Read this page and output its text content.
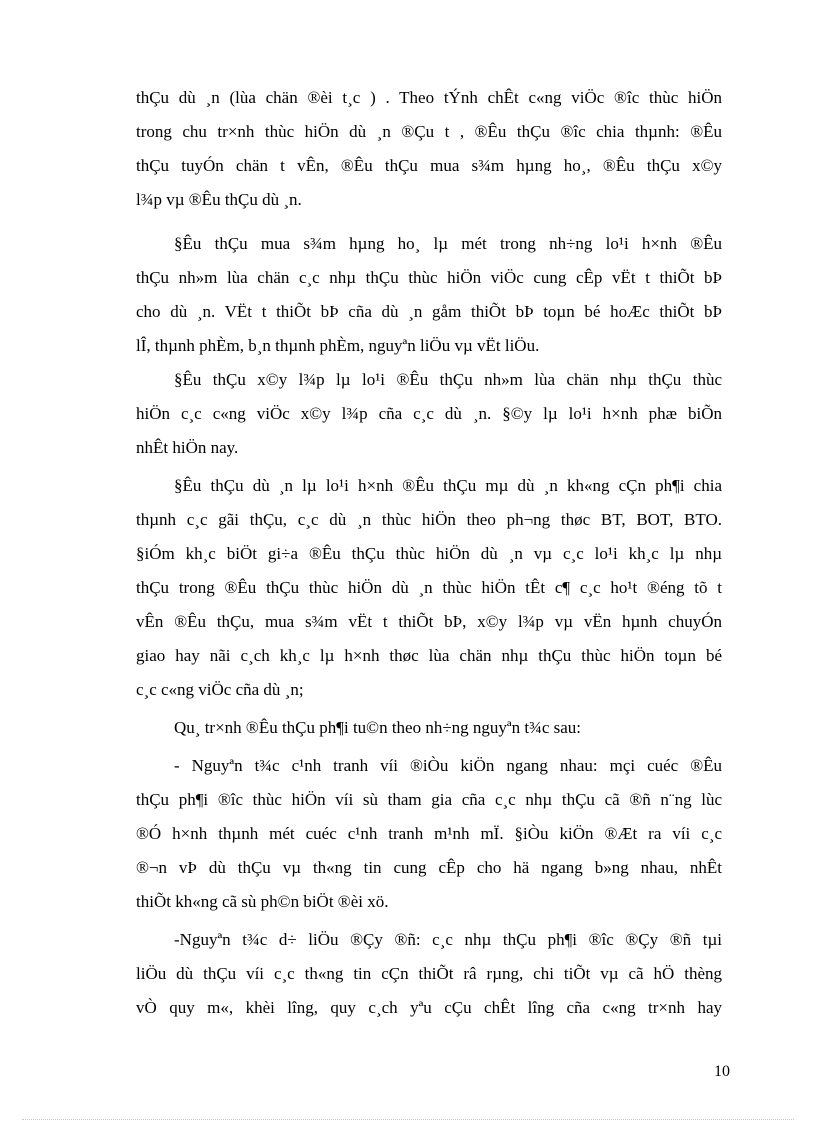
thÇu dù ¸n (lùa chän ®èi t¸c ) . Theo tÝnh chÊt c«ng viÖc ®îc thùc hiÖn
trong chu tr×nh thùc hiÖn dù ¸n ®Çu t , ®Êu thÇu ®îc chia thµnh: ®Êu
thÇu tuyÓn chän t vÊn, ®Êu thÇu mua s¾m hµng ho¸, ®Êu thÇu x©y
l¾p vµ ®Êu thÇu dù ¸n.
§Êu thÇu mua s¾m hµng ho¸ lµ mét trong nh÷ng lo¹i h×nh ®Êu
thÇu nh»m lùa chän c¸c nhµ thÇu thùc hiÖn viÖc cung cÊp vËt t thiÕt bÞ
cho dù ¸n. VËt t thiÕt bÞ cña dù ¸n gåm thiÕt bÞ toµn bé hoÆc thiÕt bÞ
lÎ, thµnh phÈm, b¸n thµnh phÈm, nguyªn liÖu vµ vËt liÖu.
§Êu thÇu x©y l¾p lµ lo¹i ®Êu thÇu nh»m lùa chän nhµ thÇu thùc
hiÖn c¸c c«ng viÖc x©y l¾p cña c¸c dù ¸n. §©y lµ lo¹i h×nh phæ biÕn
nhÊt hiÖn nay.
§Êu thÇu dù ¸n lµ lo¹i h×nh ®Êu thÇu mµ dù ¸n kh«ng cÇn ph¶i chia
thµnh c¸c gãi thÇu, c¸c dù ¸n thùc hiÖn theo ph¬ng thøc BT, BOT, BTO.
§iÓm kh¸c biÖt gi÷a ®Êu thÇu thùc hiÖn dù ¸n vµ c¸c lo¹i kh¸c lµ nhµ
thÇu trong ®Êu thÇu thùc hiÖn dù ¸n thùc hiÖn tÊt c¶ c¸c ho¹t ®éng tõ t
vÊn ®Êu thÇu, mua s¾m vËt t thiÕt bÞ, x©y l¾p vµ vËn hµnh chuyÓn
giao hay nãi c¸ch kh¸c lµ h×nh thøc lùa chän nhµ thÇu thùc hiÖn toµn bé
c¸c c«ng viÖc cña dù ¸n;
Qu¸ tr×nh ®Êu thÇu ph¶i tu©n theo nh÷ng nguyªn t¾c sau:
- Nguyªn t¾c c¹nh tranh víi ®iÒu kiÖn ngang nhau: mçi cuéc ®Êu
thÇu ph¶i ®îc thùc hiÖn víi sù tham gia cña c¸c nhµ thÇu cã ®ñ n¨ng lùc
®Ó h×nh thµnh mét cuéc c¹nh tranh m¹nh mÏ. §iÒu kiÖn ®Æt ra víi c¸c
®¬n vÞ dù thÇu vµ th«ng tin cung cÊp cho hä ngang b»ng nhau, nhÊt
thiÕt kh«ng cã sù ph©n biÖt ®èi xö.
-Nguyªn t¾c d÷ liÖu ®Çy ®ñ: c¸c nhµ thÇu ph¶i ®îc ®Çy ®ñ tµi
liÖu dù thÇu víi c¸c th«ng tin cÇn thiÕt râ rµng, chi tiÕt vµ cã hÖ thèng
vÒ quy m«, khèi lîng, quy c¸ch yªu cÇu chÊt lîng cña c«ng tr×nh hay
10
